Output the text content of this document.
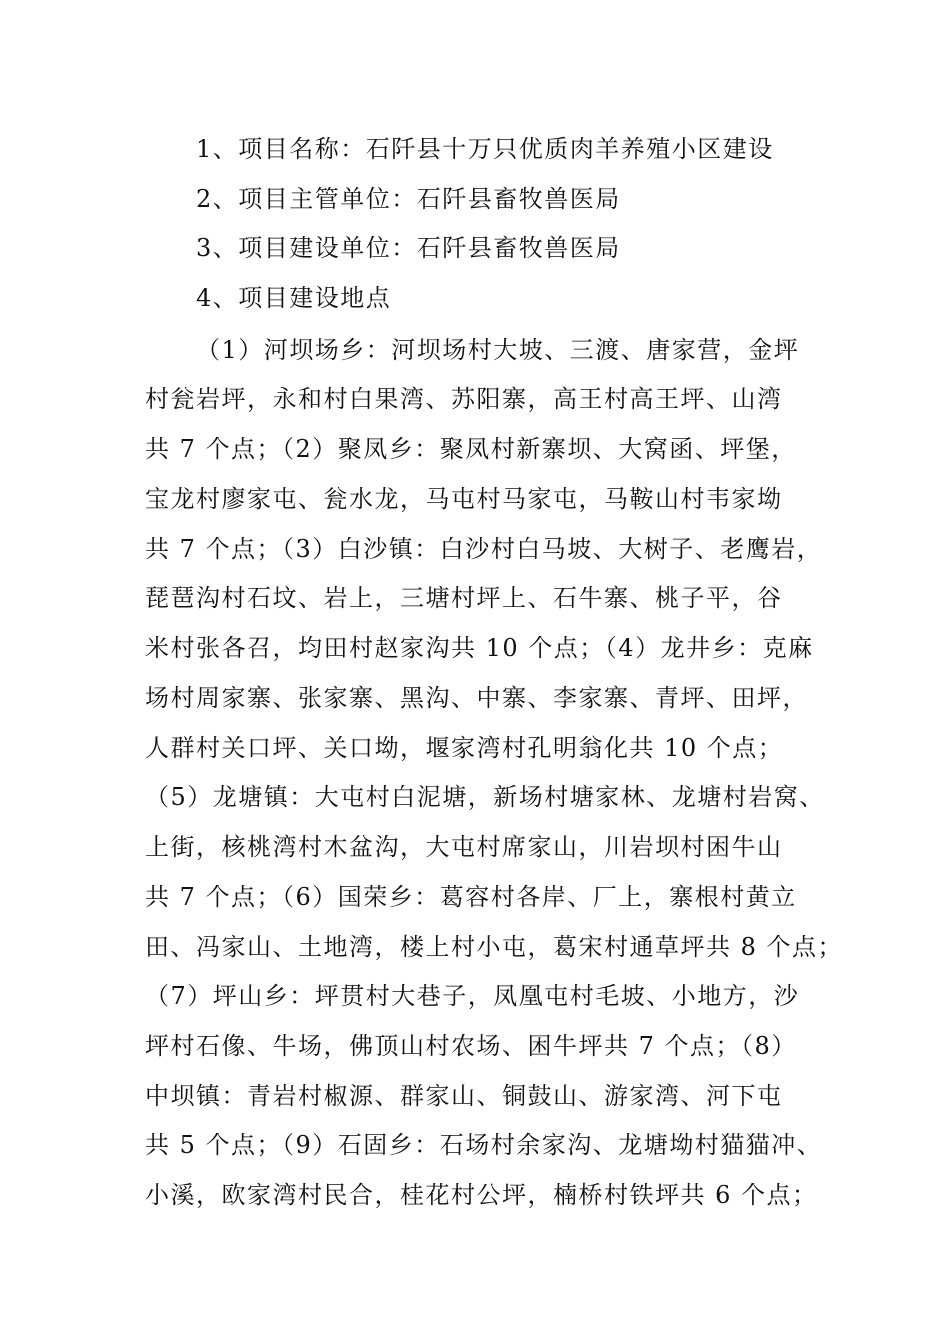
1、项目名称：石阡县十万只优质肉羊养殖小区建设
2、项目主管单位：石阡县畜牧兽医局
3、项目建设单位：石阡县畜牧兽医局
4、项目建设地点
（1）河坝场乡：河坝场村大坡、三渡、唐家营，金坪
村瓮岩坪，永和村白果湾、苏阳寨，高王村高王坪、山湾
共 7 个点；（2）聚凤乡：聚凤村新寨坝、大窝函、坪堡，
宝龙村廖家屯、瓮水龙，马屯村马家屯，马鞍山村韦家坳
共 7 个点；（3）白沙镇：白沙村白马坡、大树子、老鹰岩，
琵琶沟村石坟、岩上，三塘村坪上、石牛寨、桃子平，谷
米村张各召，均田村赵家沟共 10 个点；（4）龙井乡：克麻
场村周家寨、张家寨、黑沟、中寨、李家寨、青坪、田坪，
人群村关口坪、关口坳，堰家湾村孔明翁化共 10 个点；
（5）龙塘镇：大屯村白泥塘，新场村塘家林、龙塘村岩窝、
上街，核桃湾村木盆沟，大屯村席家山，川岩坝村困牛山
共 7 个点；（6）国荣乡：葛容村各岸、厂上，寨根村黄立
田、冯家山、土地湾，楼上村小屯，葛宋村通草坪共 8 个点；
（7）坪山乡：坪贯村大巷子，凤凰屯村毛坡、小地方，沙
坪村石像、牛场，佛顶山村农场、困牛坪共 7 个点；（8）
中坝镇：青岩村椒源、群家山、铜鼓山、游家湾、河下屯
共 5 个点；（9）石固乡：石场村余家沟、龙塘坳村猫猫冲、
小溪，欧家湾村民合，桂花村公坪，楠桥村铁坪共 6 个点；
